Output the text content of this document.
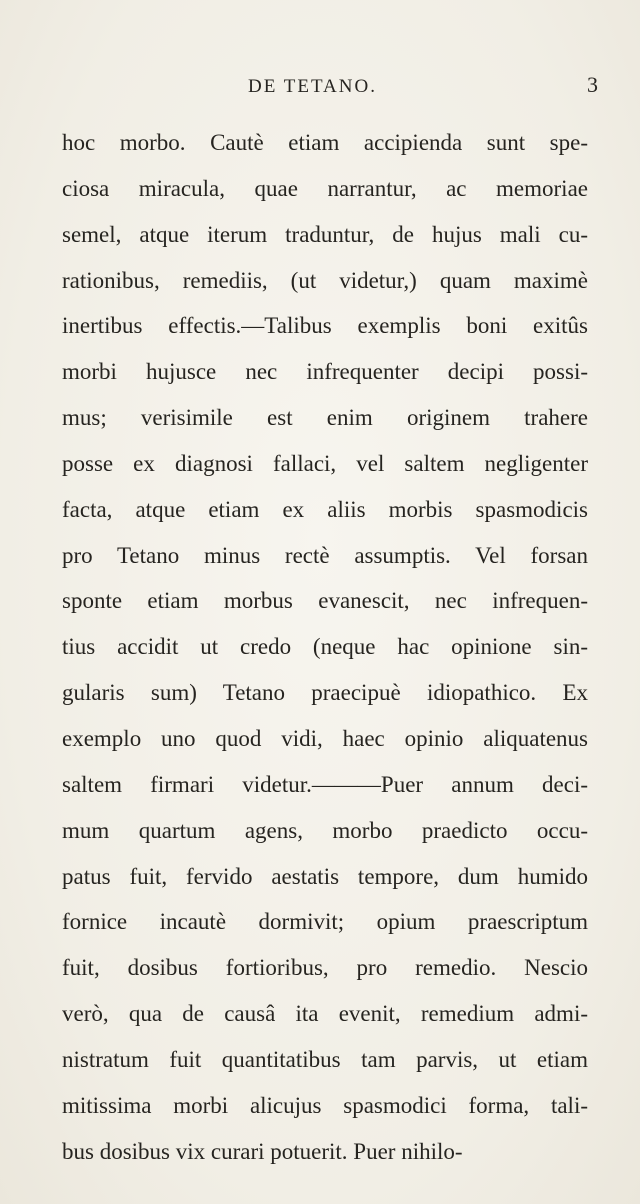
DE TETANO.	3
hoc morbo. Cautè etiam accipienda sunt spe-
ciosa miracula, quae narrantur, ac memoriae
semel, atque iterum traduntur, de hujus mali cu-
rationibus, remediis, (ut videtur,) quam maximè
inertibus effectis.—Talibus exemplis boni exitûs
morbi hujusce nec infrequenter decipi possi-
mus; verisimile est enim originem trahere
posse ex diagnosi fallaci, vel saltem negligenter
facta, atque etiam ex aliis morbis spasmodicis
pro Tetano minus rectè assumptis. Vel forsan
sponte etiam morbus evanescit, nec infrequen-
tius accidit ut credo (neque hac opinione sin-
gularis sum) Tetano praecipuè idiopathico. Ex
exemplo uno quod vidi, haec opinio aliquatenus
saltem firmari videtur.———Puer annum deci-
mum quartum agens, morbo praedicto occu-
patus fuit, fervido aestatis tempore, dum humido
fornice incautè dormivit; opium praescriptum
fuit, dosibus fortioribus, pro remedio. Nescio
verò, qua de causâ ita evenit, remedium admi-
nistratum fuit quantitatibus tam parvis, ut etiam
mitissima morbi alicujus spasmodici forma, tali-
bus dosibus vix curari potuerit. Puer nihilo-
